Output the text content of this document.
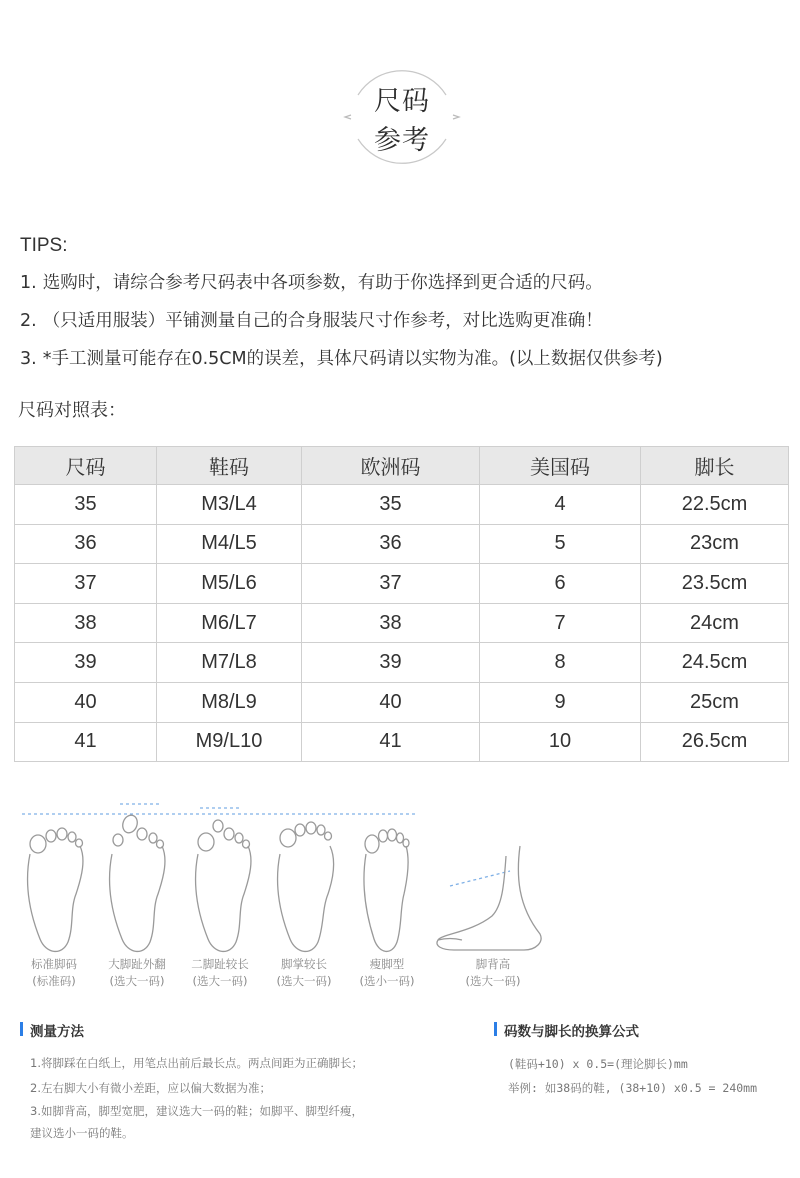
尺码
参考
TIPS:
1. 选购时，请综合参考尺码表中各项参数，有助于你选择到更合适的尺码。
2. （只适用服装）平铺测量自己的合身服装尺寸作参考，对比选购更准确！
3. *手工测量可能存在0.5CM的误差，具体尺码请以实物为准。(以上数据仅供参考)
尺码对照表：
尺码	鞋码	欧洲码	美国码	脚长
35	M3/L4	35	4	22.5cm
36	M4/L5	36	5	23cm
37	M5/L6	37	6	23.5cm
38	M6/L7	38	7	24cm
39	M7/L8	39	8	24.5cm
40	M8/L9	40	9	25cm
41	M9/L10	41	10	26.5cm
标准脚码
(标准码)
大脚趾外翻
(选大一码)
二脚趾较长
(选大一码)
脚掌较长
(选大一码)
瘦脚型
(选小一码)
脚背高
(选大一码)
测量方法
1.将脚踩在白纸上，用笔点出前后最长点。两点间距为正确脚长；
2.左右脚大小有微小差距，应以偏大数据为准；
3.如脚背高，脚型宽肥，建议选大一码的鞋；如脚平、脚型纤瘦，
建议选小一码的鞋。
码数与脚长的换算公式
(鞋码+10) x 0.5=(理论脚长)mm
举例: 如38码的鞋, (38+10) x0.5 = 240mm
